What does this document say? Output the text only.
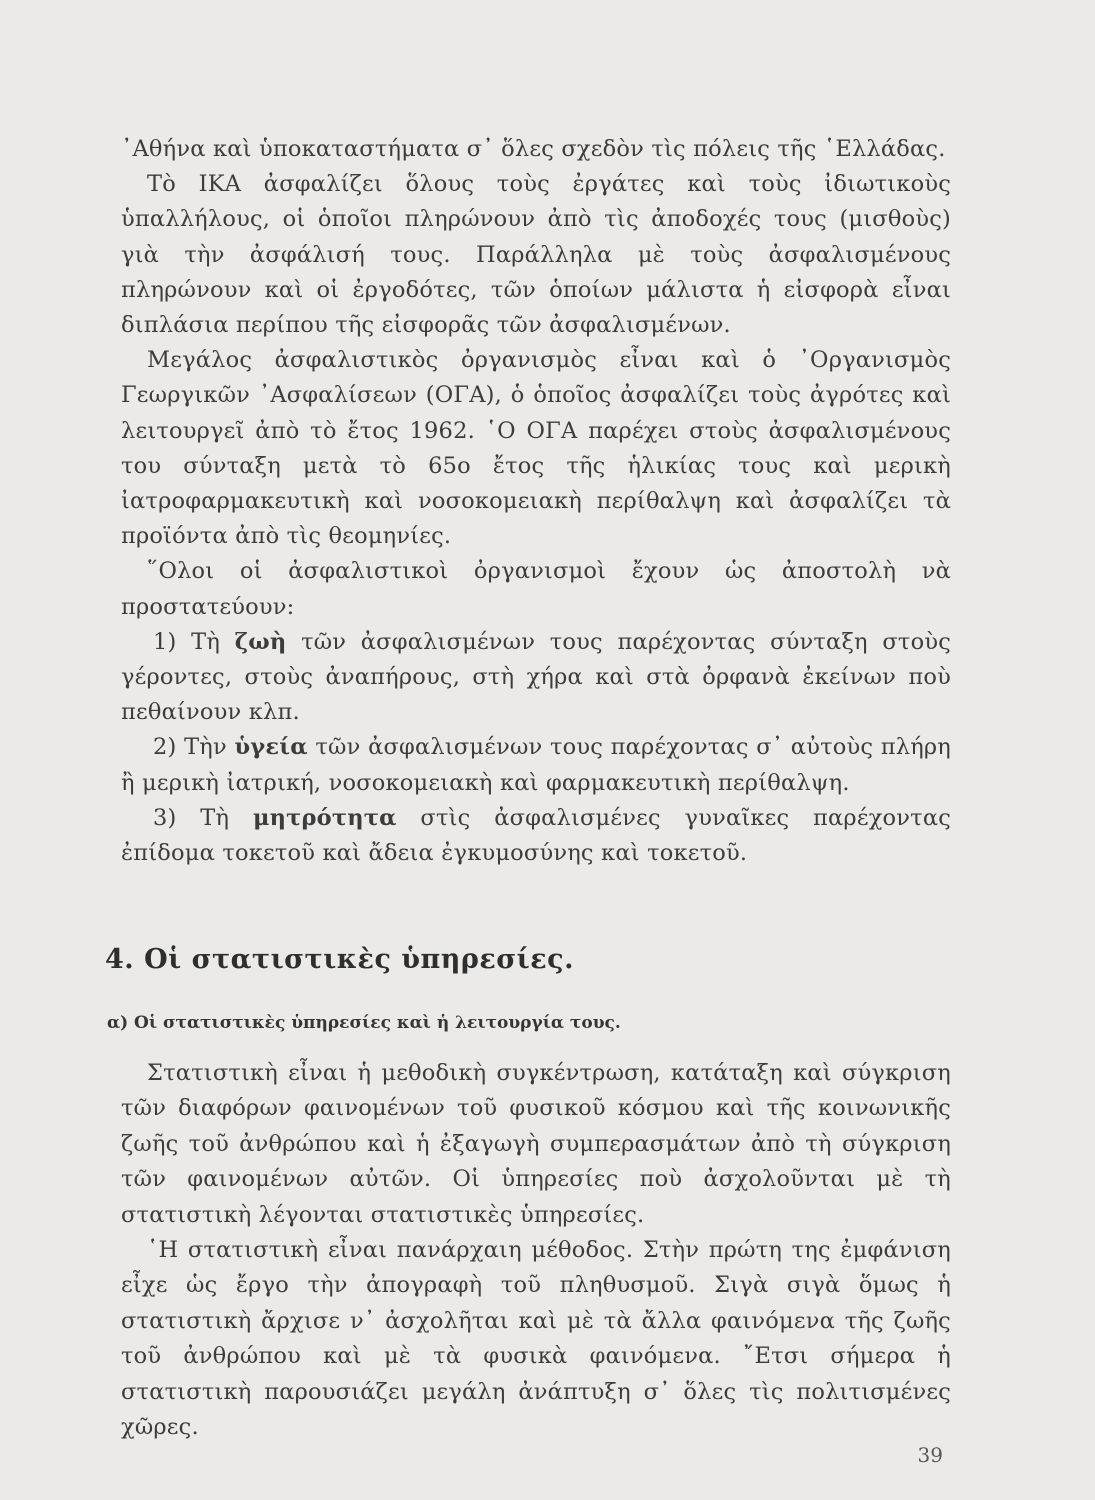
᾿Αθήνα καὶ ὑποκαταστήματα σ᾿ ὅλες σχεδὸν τὶς πόλεις τῆς ῾Ελλάδας.

Τὸ ΙΚΑ ἀσφαλίζει ὅλους τοὺς ἐργάτες καὶ τοὺς ἰδιωτικοὺς ὑπαλλήλους, οἱ ὁποῖοι πληρώνουν ἀπὸ τὶς ἀποδοχές τους (μισθοὺς) γιὰ τὴν ἀσφάλισή τους. Παράλληλα μὲ τοὺς ἀσφαλισμένους πληρώνουν καὶ οἱ ἐργοδότες, τῶν ὁποίων μάλιστα ἡ εἰσφορὰ εἶναι διπλάσια περίπου τῆς εἰσφορᾶς τῶν ἀσφαλισμένων.

Μεγάλος ἀσφαλιστικὸς ὀργανισμὸς εἶναι καὶ ὁ ᾿Οργανισμὸς Γεωργικῶν ᾿Ασφαλίσεων (ΟΓΑ), ὁ ὁποῖος ἀσφαλίζει τοὺς ἀγρότες καὶ λειτουργεῖ ἀπὸ τὸ ἔτος 1962. ῾Ο ΟΓΑ παρέχει στοὺς ἀσφαλισμένους του σύνταξη μετὰ τὸ 65ο ἔτος τῆς ἡλικίας τους καὶ μερικὴ ἰατροφαρμακευτικὴ καὶ νοσοκομειακὴ περίθαλψη καὶ ἀσφαλίζει τὰ προϊόντα ἀπὸ τὶς θεομηνίες.

῞Ολοι οἱ ἀσφαλιστικοὶ ὀργανισμοὶ ἔχουν ὡς ἀποστολὴ νὰ προστατεύουν:

1) Τὴ ζωὴ τῶν ἀσφαλισμένων τους παρέχοντας σύνταξη στοὺς γέροντες, στοὺς ἀναπήρους, στὴ χήρα καὶ στὰ ὀρφανὰ ἐκείνων ποὺ πεθαίνουν κλπ.

2) Τὴν ὑγεία τῶν ἀσφαλισμένων τους παρέχοντας σ᾿ αὐτοὺς πλήρη ἢ μερικὴ ἰατρική, νοσοκομειακὴ καὶ φαρμακευτικὴ περίθαλψη.

3) Τὴ μητρότητα στὶς ἀσφαλισμένες γυναῖκες παρέχοντας ἐπίδομα τοκετοῦ καὶ ἄδεια ἐγκυμοσύνης καὶ τοκετοῦ.

4. Οἱ στατιστικὲς ὑπηρεσίες.
α) Οἱ στατιστικὲς ὑπηρεσίες καὶ ἡ λειτουργία τους.

Στατιστικὴ εἶναι ἡ μεθοδικὴ συγκέντρωση, κατάταξη καὶ σύγκριση τῶν διαφόρων φαινομένων τοῦ φυσικοῦ κόσμου καὶ τῆς κοινωνικῆς ζωῆς τοῦ ἀνθρώπου καὶ ἡ ἐξαγωγὴ συμπερασμάτων ἀπὸ τὴ σύγκριση τῶν φαινομένων αὐτῶν. Οἱ ὑπηρεσίες ποὺ ἀσχολοῦνται μὲ τὴ στατιστικὴ λέγονται στατιστικὲς ὑπηρεσίες.

῾Η στατιστικὴ εἶναι πανάρχαιη μέθοδος. Στὴν πρώτη της ἐμφάνιση εἶχε ὡς ἔργο τὴν ἀπογραφὴ τοῦ πληθυσμοῦ. Σιγὰ σιγὰ ὅμως ἡ στατιστικὴ ἄρχισε ν᾿ ἀσχολῆται καὶ μὲ τὰ ἄλλα φαινόμενα τῆς ζωῆς τοῦ ἀνθρώπου καὶ μὲ τὰ φυσικὰ φαινόμενα. ῎Ετσι σήμερα ἡ στατιστικὴ παρουσιάζει μεγάλη ἀνάπτυξη σ᾿ ὅλες τὶς πολιτισμένες χῶρες.

39
